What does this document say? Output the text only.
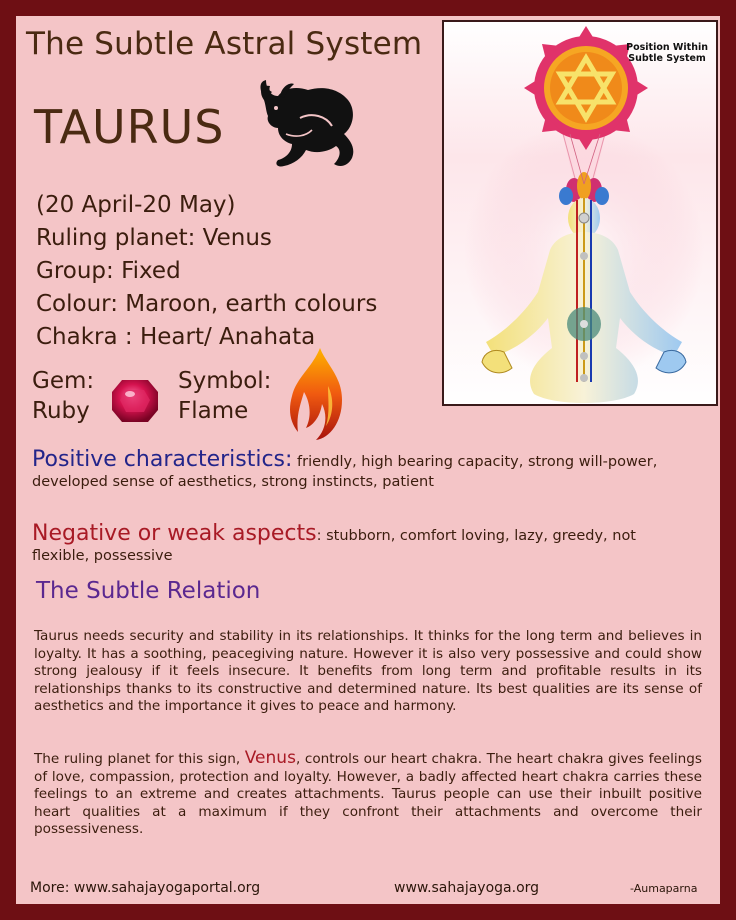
The Subtle Astral System
TAURUS
(20 April-20 May)
Ruling planet: Venus
Group: Fixed
Colour: Maroon, earth colours
Chakra : Heart/ Anahata
Gem:
Ruby
Symbol:
Flame
Position Within
Subtle System
Positive characteristics: friendly, high bearing capacity, strong will-power, developed sense of aesthetics, strong instincts, patient
Negative or weak aspects: stubborn, comfort loving, lazy, greedy, not flexible, possessive
The Subtle Relation
Taurus needs security and stability in its relationships. It thinks for the long term and believes in loyalty. It has a soothing, peacegiving nature. However it is also very possessive and could show strong jealousy if it feels insecure. It benefits from long term and profitable results in its relationships thanks to its constructive and determined nature. Its best qualities are its sense of aesthetics and the importance it gives to peace and harmony.
The ruling planet for this sign, Venus, controls our heart chakra. The heart chakra gives feelings of love, compassion, protection and loyalty. However, a badly affected heart chakra carries these feelings to an extreme and creates attachments. Taurus people can use their inbuilt positive heart qualities at a maximum if they confront their attachments and overcome their possessiveness.
More: www.sahajayogaportal.org	www.sahajayoga.org	-Aumaparna
